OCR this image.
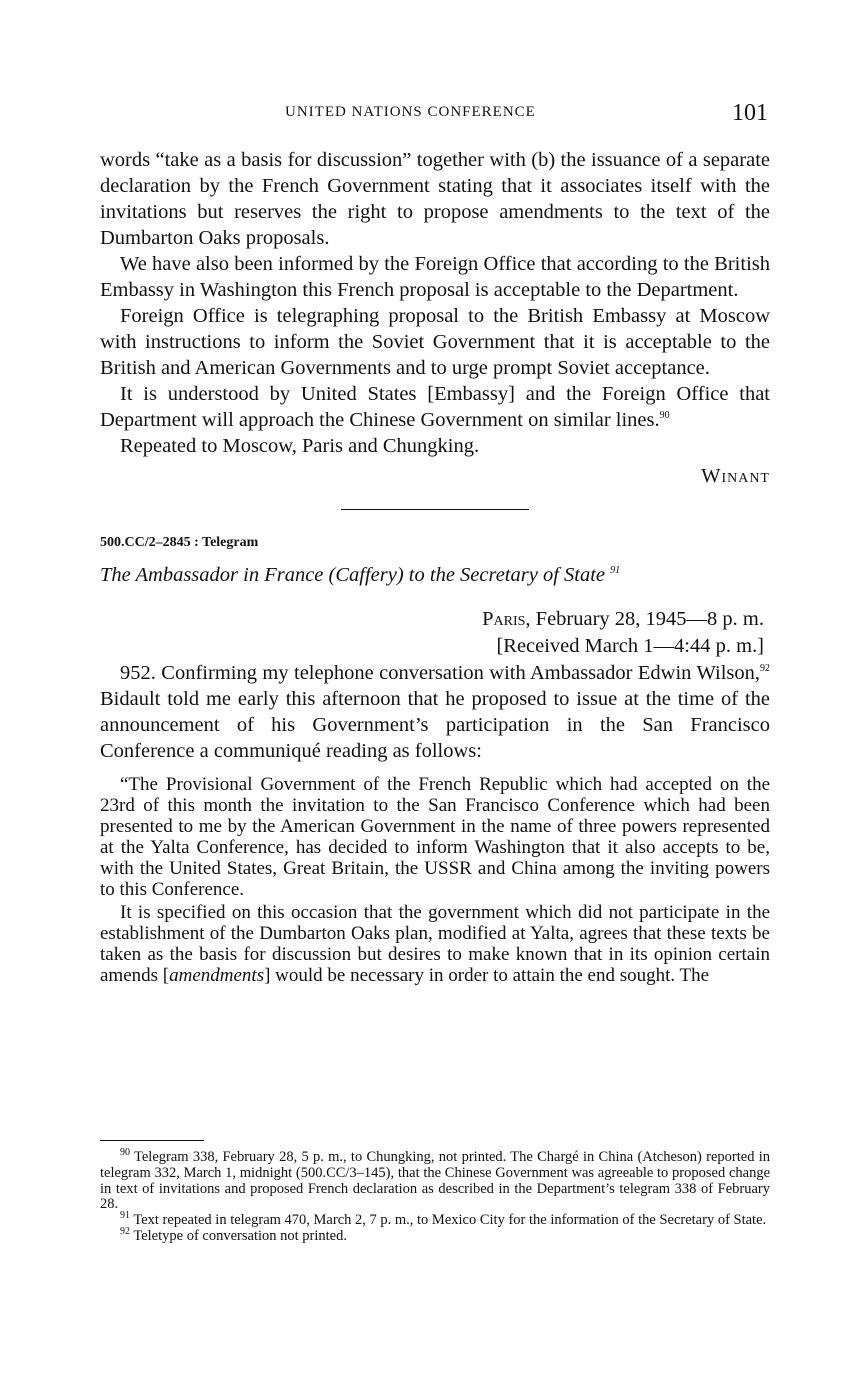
UNITED NATIONS CONFERENCE	101

words “take as a basis for discussion” together with (b) the issuance of a separate declaration by the French Government stating that it associates itself with the invitations but reserves the right to propose amendments to the text of the Dumbarton Oaks proposals.

We have also been informed by the Foreign Office that according to the British Embassy in Washington this French proposal is acceptable to the Department.

Foreign Office is telegraphing proposal to the British Embassy at Moscow with instructions to inform the Soviet Government that it is acceptable to the British and American Governments and to urge prompt Soviet acceptance.

It is understood by United States [Embassy] and the Foreign Office that Department will approach the Chinese Government on similar lines.$^{90}$

Repeated to Moscow, Paris and Chungking.

Winant
500.CC/2–2845 : Telegram
The Ambassador in France (Caffery) to the Secretary of State $^{91}$
Paris, February 28, 1945—8 p. m.
[Received March 1—4:44 p. m.]

952. Confirming my telephone conversation with Ambassador Edwin Wilson,$^{92}$ Bidault told me early this afternoon that he proposed to issue at the time of the announcement of his Government’s participation in the San Francisco Conference a communiqué reading as follows:

“The Provisional Government of the French Republic which had accepted on the 23rd of this month the invitation to the San Francisco Conference which had been presented to me by the American Government in the name of three powers represented at the Yalta Conference, has decided to inform Washington that it also accepts to be, with the United States, Great Britain, the USSR and China among the inviting powers to this Conference.

It is specified on this occasion that the government which did not participate in the establishment of the Dumbarton Oaks plan, modified at Yalta, agrees that these texts be taken as the basis for discussion but desires to make known that in its opinion certain amends [amendments] would be necessary in order to attain the end sought. The

$^{90}$ Telegram 338, February 28, 5 p. m., to Chungking, not printed. The Chargé in China (Atcheson) reported in telegram 332, March 1, midnight (500.CC/3–145), that the Chinese Government was agreeable to proposed change in text of invitations and proposed French declaration as described in the Department’s telegram 338 of February 28.

$^{91}$ Text repeated in telegram 470, March 2, 7 p. m., to Mexico City for the information of the Secretary of State.

$^{92}$ Teletype of conversation not printed.
